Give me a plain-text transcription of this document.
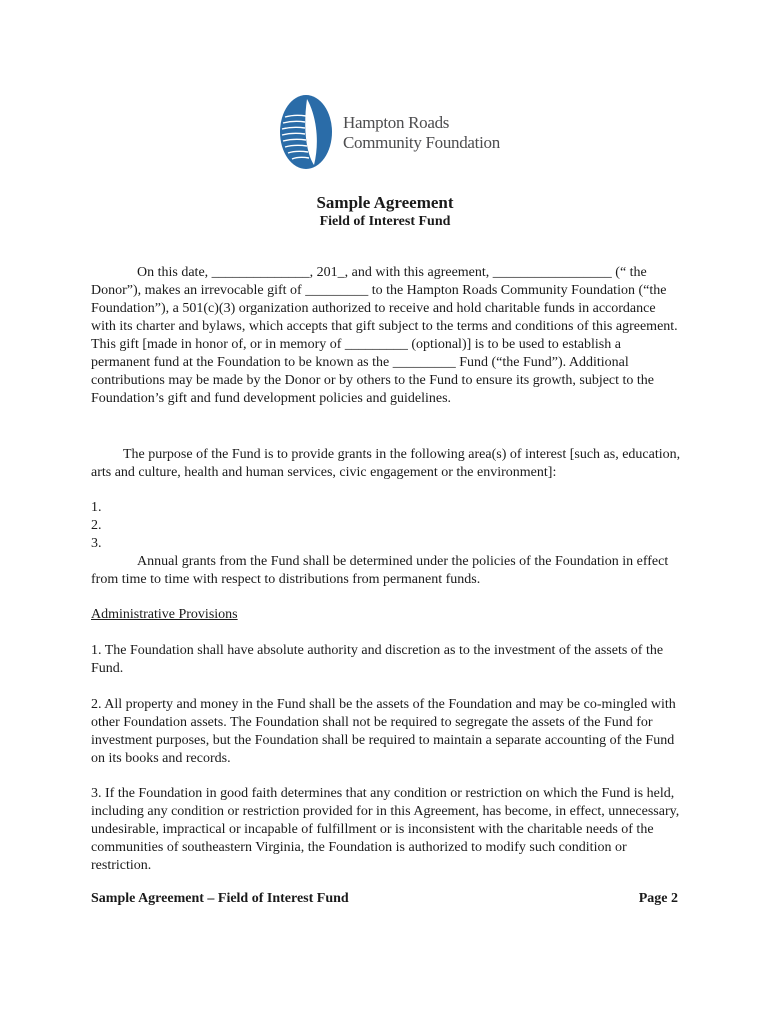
Hampton Roads
Community Foundation
Sample Agreement
Field of Interest Fund

On this date, ______________, 201_, and with this agreement, _________________ (“ the Donor”), makes an irrevocable gift of _________ to the Hampton Roads Community Foundation (“the Foundation”), a 501(c)(3) organization authorized to receive and hold charitable funds in accordance with its charter and bylaws, which accepts that gift subject to the terms and conditions of this agreement. This gift [made in honor of, or in memory of _________ (optional)] is to be used to establish a permanent fund at the Foundation to be known as the _________ Fund (“the Fund”). Additional contributions may be made by the Donor or by others to the Fund to ensure its growth, subject to the Foundation’s gift and fund development policies and guidelines.

The purpose of the Fund is to provide grants in the following area(s) of interest [such as, education, arts and culture, health and human services, civic engagement or the environment]:

1.

2.

3.

Annual grants from the Fund shall be determined under the policies of the Foundation in effect from time to time with respect to distributions from permanent funds.

Administrative Provisions

1. The Foundation shall have absolute authority and discretion as to the investment of the assets of the Fund.

2. All property and money in the Fund shall be the assets of the Foundation and may be co-mingled with other Foundation assets. The Foundation shall not be required to segregate the assets of the Fund for investment purposes, but the Foundation shall be required to maintain a separate accounting of the Fund on its books and records.

3. If the Foundation in good faith determines that any condition or restriction on which the Fund is held, including any condition or restriction provided for in this Agreement, has become, in effect, unnecessary, undesirable, impractical or incapable of fulfillment or is inconsistent with the charitable needs of the communities of southeastern Virginia, the Foundation is authorized to modify such condition or restriction.

Sample Agreement – Field of Interest Fund	Page 2
